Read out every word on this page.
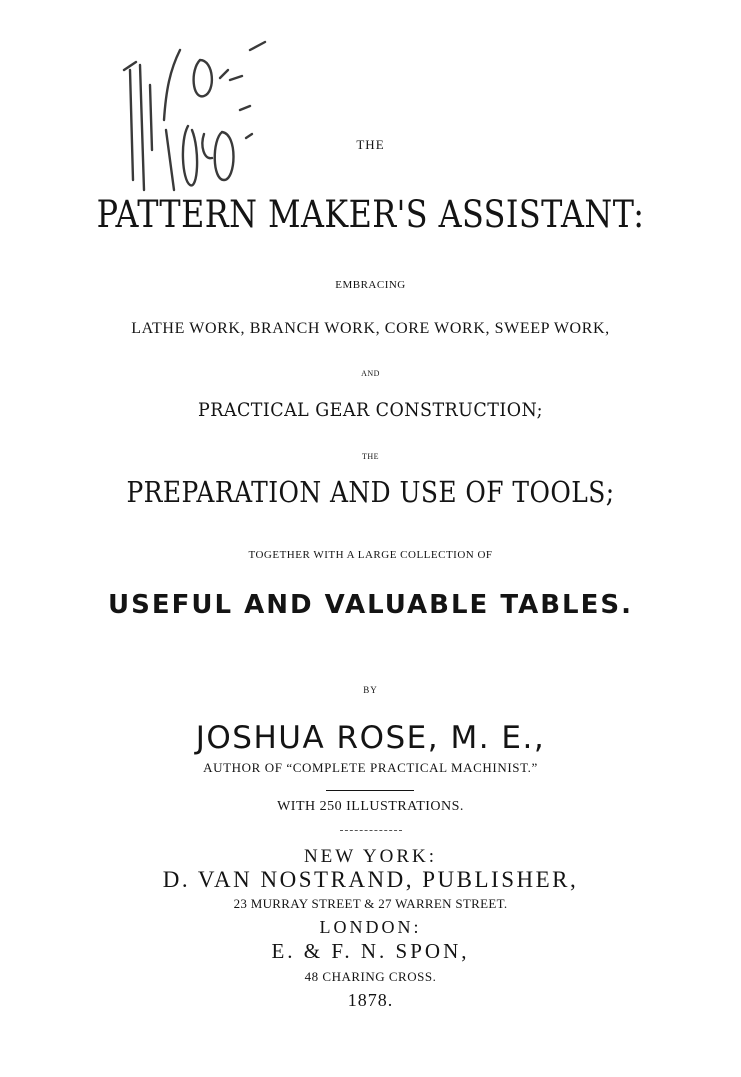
THE
PATTERN MAKER'S ASSISTANT:
EMBRACING
LATHE WORK, BRANCH WORK, CORE WORK, SWEEP WORK,
AND
PRACTICAL GEAR CONSTRUCTION;
THE
PREPARATION AND USE OF TOOLS;
TOGETHER WITH A LARGE COLLECTION OF
USEFUL AND VALUABLE TABLES.
BY
JOSHUA ROSE, M. E.,
AUTHOR OF “COMPLETE PRACTICAL MACHINIST.”
WITH 250 ILLUSTRATIONS.
NEW YORK:
D. VAN NOSTRAND, PUBLISHER,
23 MURRAY STREET & 27 WARREN STREET.
LONDON:
E. & F. N. SPON,
48 CHARING CROSS.
1878.
